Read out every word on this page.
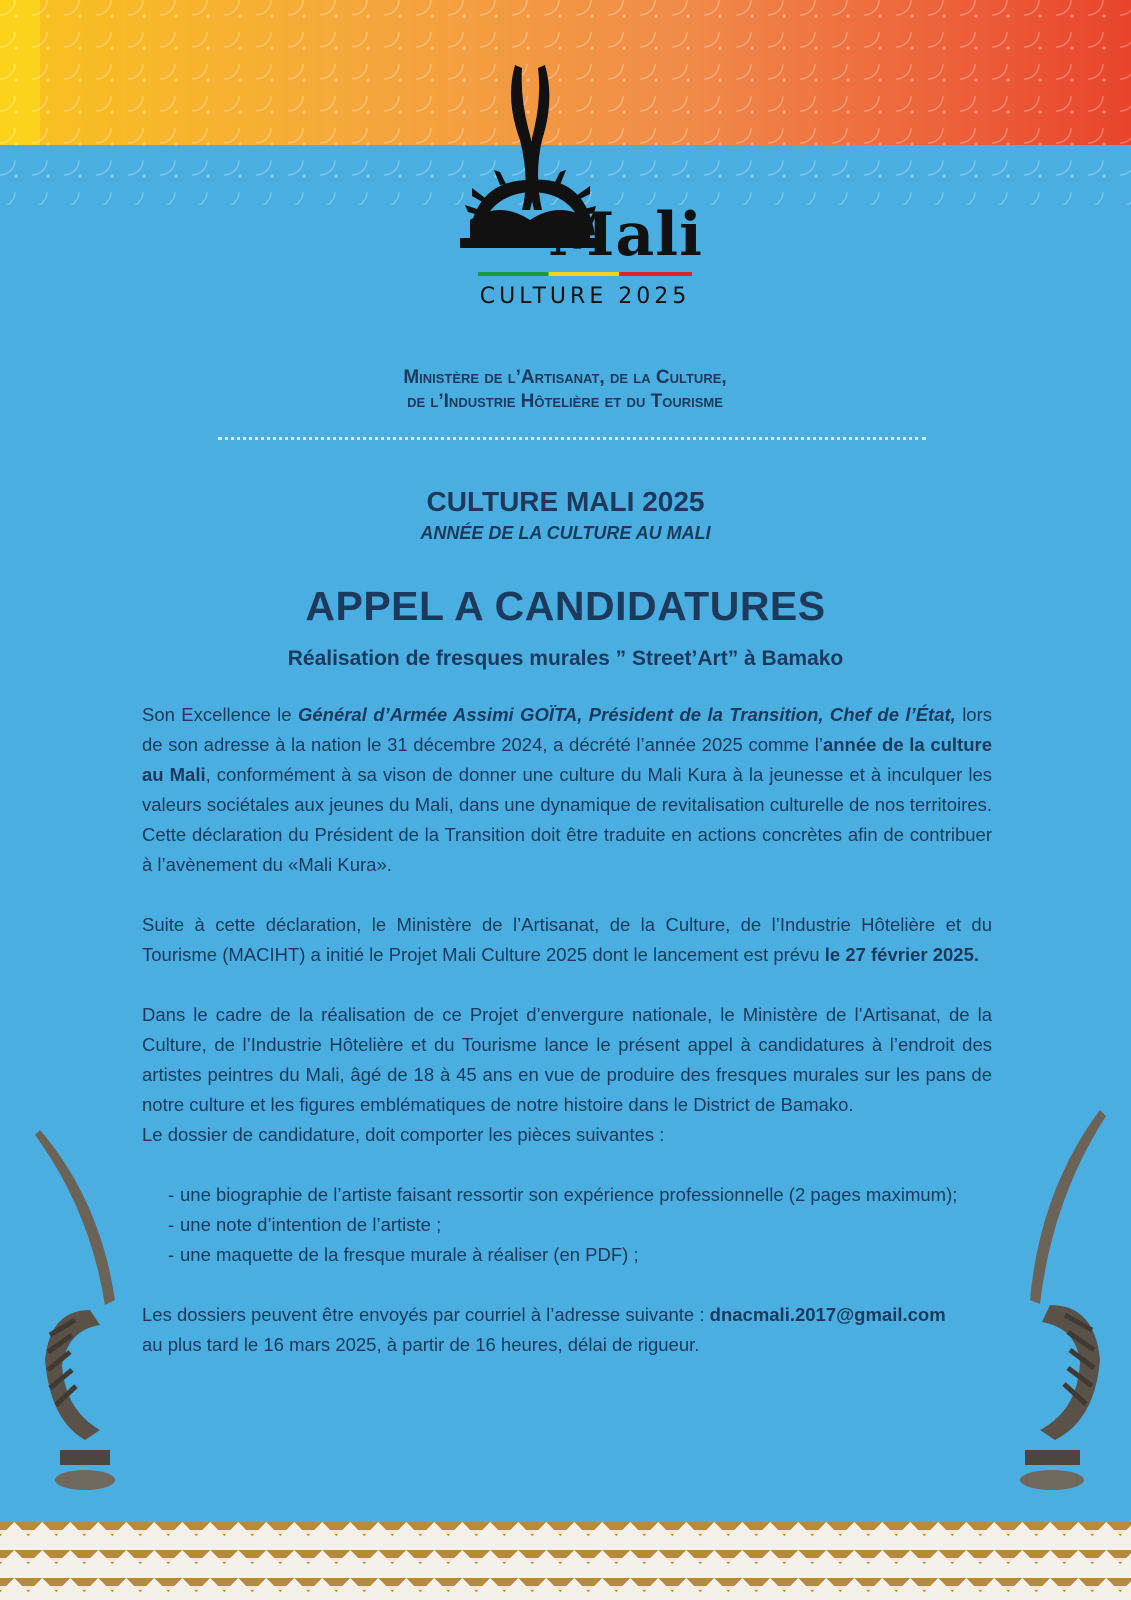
Mali
CULTURE 2025
Ministère de l’Artisanat, de la Culture,
de l’Industrie Hôtelière et du Tourisme
CULTURE MALI 2025
ANNÉE DE LA CULTURE AU MALI
APPEL A CANDIDATURES
Réalisation de fresques murales ” Street’Art” à Bamako

Son Excellence le Général d’Armée Assimi GOÏTA, Président de la Transition, Chef de l’État, lors de son adresse à la nation le 31 décembre 2024, a décrété l’année 2025 comme l’année de la culture au Mali, conformément à sa vison de donner une culture du Mali Kura à la jeunesse et à inculquer les valeurs sociétales aux jeunes du Mali, dans une dynamique de revitalisation culturelle de nos territoires. Cette déclaration du Président de la Transition doit être traduite en actions concrètes afin de contribuer à l’avènement du «Mali Kura».

Suite à cette déclaration, le Ministère de l’Artisanat, de la Culture, de l’Industrie Hôtelière et du Tourisme (MACIHT) a initié le Projet Mali Culture 2025 dont le lancement est prévu le 27 février 2025.

Dans le cadre de la réalisation de ce Projet d’envergure nationale, le Ministère de l’Artisanat, de la Culture, de l’Industrie Hôtelière et du Tourisme lance le présent appel à candidatures à l’endroit des artistes peintres du Mali, âgé de 18 à 45 ans en vue de produire des fresques murales sur les pans de notre culture et les figures emblématiques de notre histoire dans le District de Bamako.

Le dossier de candidature, doit comporter les pièces suivantes :

- une biographie de l’artiste faisant ressortir son expérience professionnelle (2 pages maximum);
- une note d’intention de l’artiste ;
- une maquette de la fresque murale à réaliser (en PDF) ;

Les dossiers peuvent être envoyés par courriel à l’adresse suivante : dnacmali.2017@gmail.com
au plus tard le 16 mars 2025, à partir de 16 heures, délai de rigueur.
